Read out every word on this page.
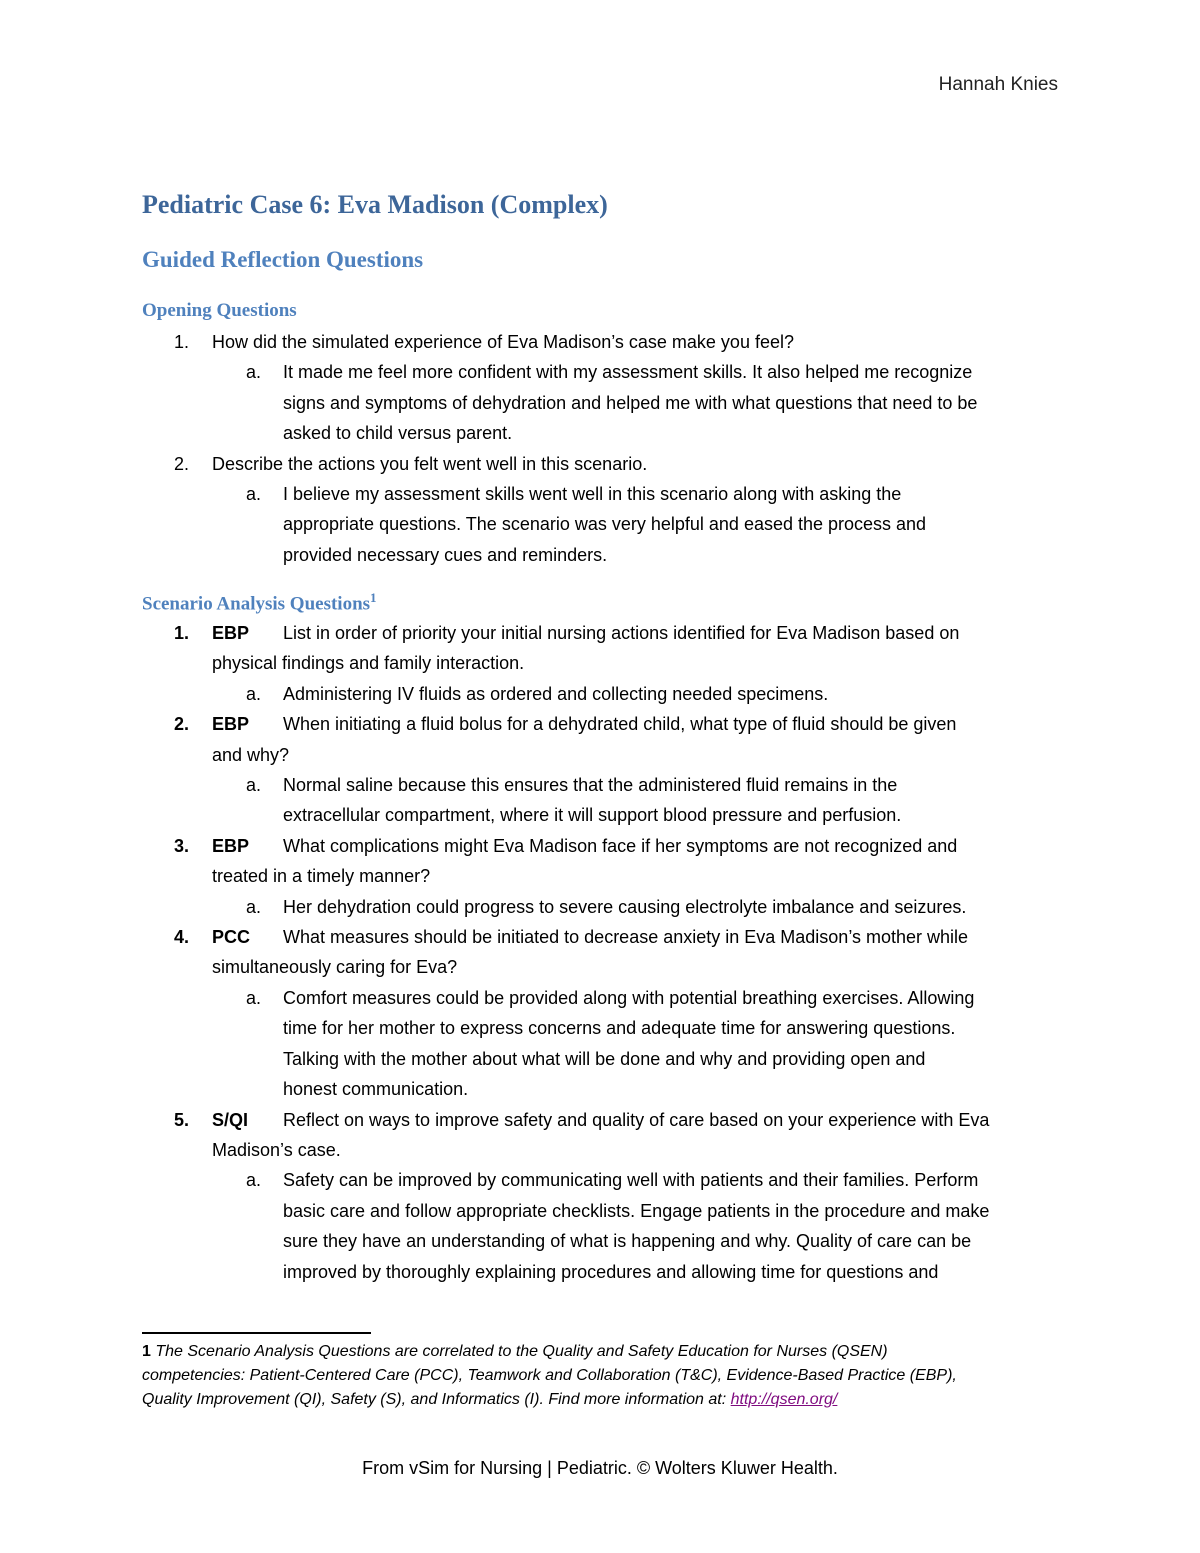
Hannah Knies
Pediatric Case 6: Eva Madison (Complex)
Guided Reflection Questions
Opening Questions
1. How did the simulated experience of Eva Madison’s case make you feel?
a. It made me feel more confident with my assessment skills. It also helped me recognize
signs and symptoms of dehydration and helped me with what questions that need to be
asked to child versus parent.
2. Describe the actions you felt went well in this scenario.
a. I believe my assessment skills went well in this scenario along with asking the
appropriate questions. The scenario was very helpful and eased the process and
provided necessary cues and reminders.
Scenario Analysis Questions$^1$
1. EBP List in order of priority your initial nursing actions identified for Eva Madison based on
physical findings and family interaction.
a. Administering IV fluids as ordered and collecting needed specimens.
2. EBP When initiating a fluid bolus for a dehydrated child, what type of fluid should be given
and why?
a. Normal saline because this ensures that the administered fluid remains in the
extracellular compartment, where it will support blood pressure and perfusion.
3. EBP What complications might Eva Madison face if her symptoms are not recognized and
treated in a timely manner?
a. Her dehydration could progress to severe causing electrolyte imbalance and seizures.
4. PCC What measures should be initiated to decrease anxiety in Eva Madison’s mother while
simultaneously caring for Eva?
a. Comfort measures could be provided along with potential breathing exercises. Allowing
time for her mother to express concerns and adequate time for answering questions.
Talking with the mother about what will be done and why and providing open and
honest communication.
5. S/QI Reflect on ways to improve safety and quality of care based on your experience with Eva
Madison’s case.
a. Safety can be improved by communicating well with patients and their families. Perform
basic care and follow appropriate checklists. Engage patients in the procedure and make
sure they have an understanding of what is happening and why. Quality of care can be
improved by thoroughly explaining procedures and allowing time for questions and
1 The Scenario Analysis Questions are correlated to the Quality and Safety Education for Nurses (QSEN)
competencies: Patient-Centered Care (PCC), Teamwork and Collaboration (T&C), Evidence-Based Practice (EBP),
Quality Improvement (QI), Safety (S), and Informatics (I). Find more information at: http://qsen.org/
From vSim for Nursing | Pediatric. © Wolters Kluwer Health.
